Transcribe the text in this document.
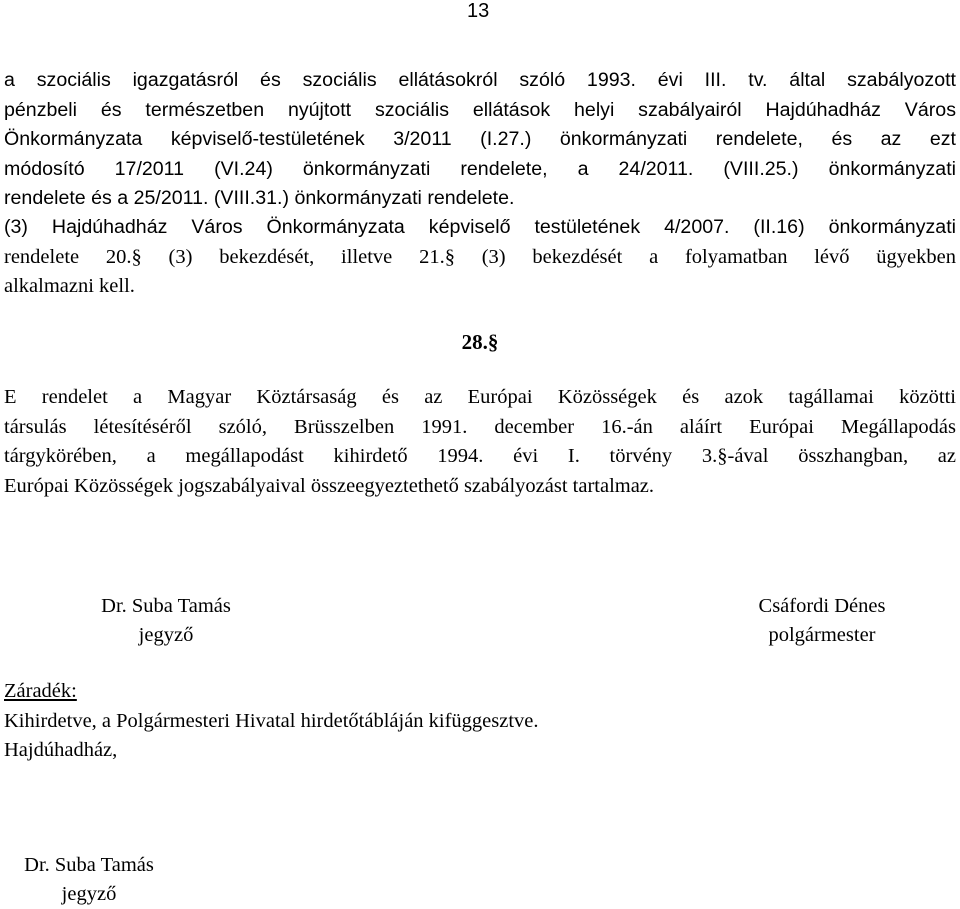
13
a szociális igazgatásról és szociális ellátásokról szóló 1993. évi III. tv. által szabályozott
pénzbeli és természetben nyújtott szociális ellátások helyi szabályairól Hajdúhadház Város
Önkormányzata képviselő-testületének 3/2011 (I.27.) önkormányzati rendelete, és az ezt
módosító 17/2011 (VI.24) önkormányzati rendelete, a 24/2011. (VIII.25.) önkormányzati
rendelete és a 25/2011. (VIII.31.) önkormányzati rendelete.
(3) Hajdúhadház Város Önkormányzata képviselő testületének 4/2007. (II.16) önkormányzati
rendelete 20.§ (3) bekezdését, illetve 21.§ (3) bekezdését a folyamatban lévő ügyekben
alkalmazni kell.
28.§
E rendelet a Magyar Köztársaság és az Európai Közösségek és azok tagállamai közötti
társulás létesítéséről szóló, Brüsszelben 1991. december 16.-án aláírt Európai Megállapodás
tárgykörében, a megállapodást kihirdető 1994. évi I. törvény 3.§-ával összhangban, az
Európai Közösségek jogszabályaival összeegyeztethető szabályozást tartalmaz.
Dr. Suba Tamás
jegyző
Csáfordi Dénes
polgármester
Záradék:
Kihirdetve, a Polgármesteri Hivatal hirdetőtábláján kifüggesztve.
Hajdúhadház,
Dr. Suba Tamás
jegyző
